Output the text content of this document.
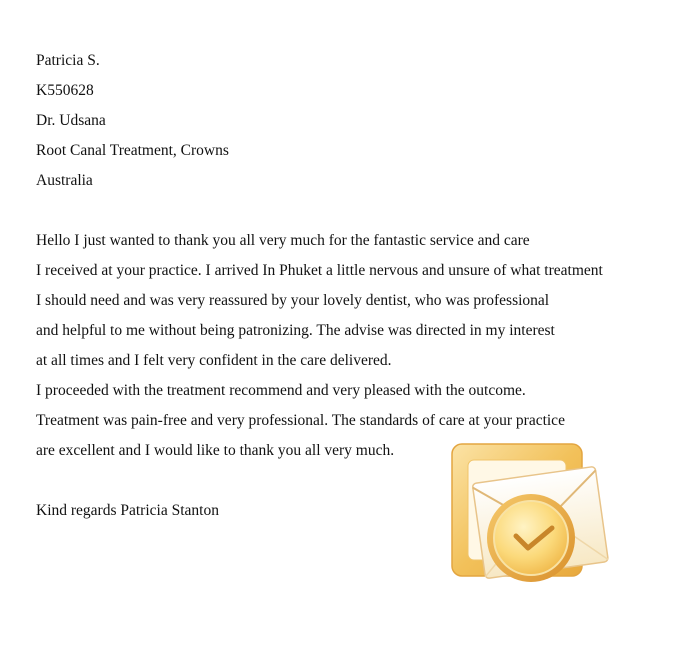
Patricia S.
K550628
Dr. Udsana
Root Canal Treatment, Crowns
Australia
Hello I just wanted to thank you all very much for the fantastic service and care
I received at your practice. I arrived In Phuket a little nervous and unsure of what treatment
I should need and was very reassured by your lovely dentist, who was professional
and helpful to me without being patronizing. The advise was directed in my interest
at all times and I felt very confident in the care delivered.
I proceeded with the treatment recommend and very pleased with the outcome.
Treatment was pain-free and very professional. The standards of care at your practice
are excellent and I would like to thank you all very much.
Kind regards Patricia Stanton
